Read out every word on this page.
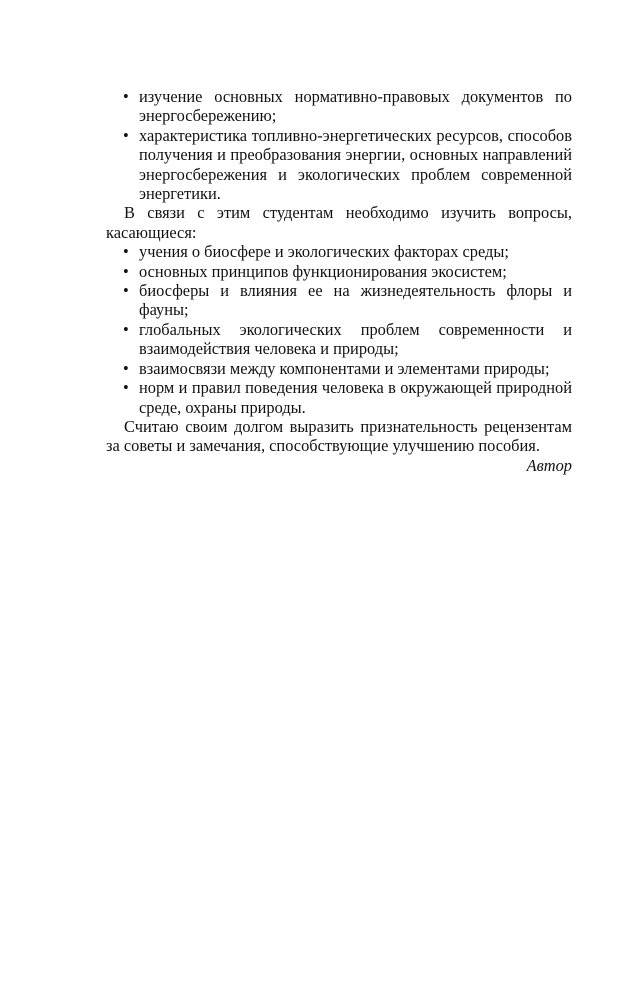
• изучение основных нормативно-правовых документов по энергосбережению;
• характеристика топливно-энергетических ресурсов, способов получения и преобразования энергии, основных направлений энергосбережения и экологических проблем современной энергетики.

В связи с этим студентам необходимо изучить вопросы, касающиеся:

• учения о биосфере и экологических факторах среды;
• основных принципов функционирования экосистем;
• биосферы и влияния ее на жизнедеятельность флоры и фауны;
• глобальных экологических проблем современности и взаимодействия человека и природы;
• взаимосвязи между компонентами и элементами природы;
• норм и правил поведения человека в окружающей природной среде, охраны природы.

Считаю своим долгом выразить признательность рецензентам за советы и замечания, способствующие улучшению пособия.

Автор
